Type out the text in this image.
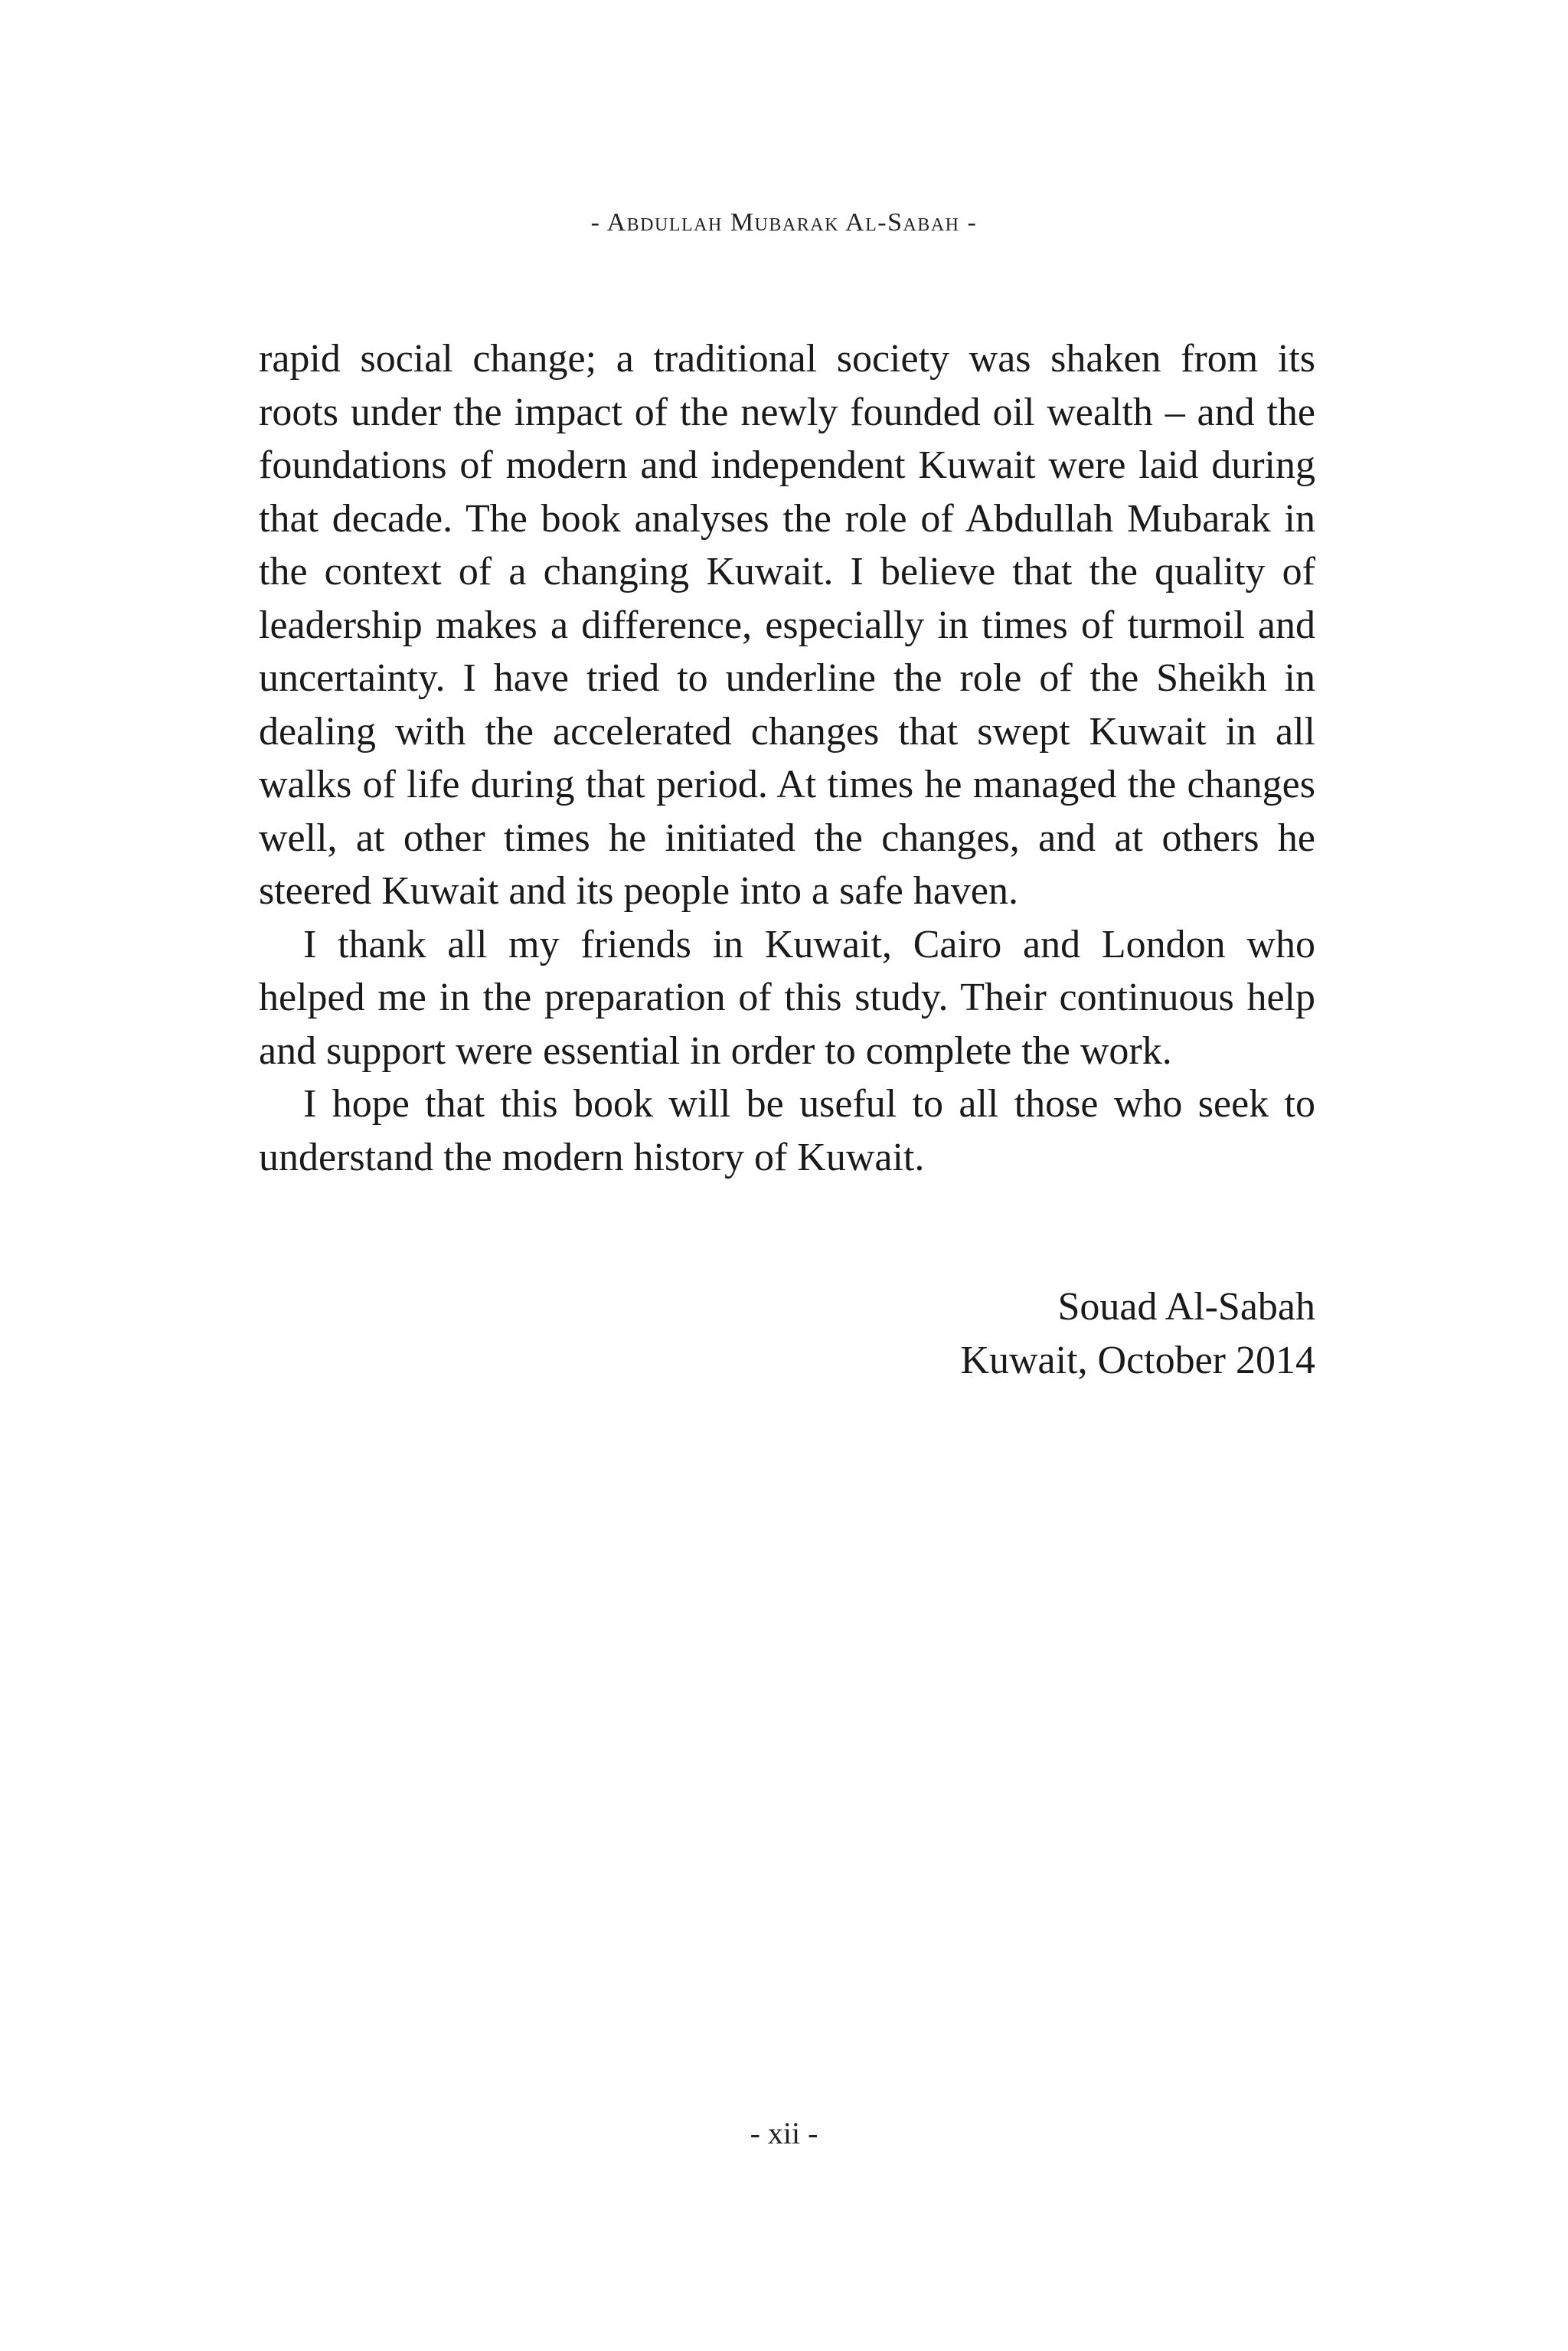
- Abdullah Mubarak Al-Sabah -

rapid social change; a traditional society was shaken from its roots under the impact of the newly founded oil wealth – and the foundations of modern and independent Kuwait were laid during that decade. The book analyses the role of Abdullah Mubarak in the context of a changing Kuwait. I believe that the quality of leadership makes a difference, especially in times of turmoil and uncertainty. I have tried to underline the role of the Sheikh in dealing with the accelerated changes that swept Kuwait in all walks of life during that period. At times he managed the changes well, at other times he initiated the changes, and at others he steered Kuwait and its people into a safe haven.

I thank all my friends in Kuwait, Cairo and London who helped me in the preparation of this study. Their continuous help and support were essential in order to complete the work.

I hope that this book will be useful to all those who seek to understand the modern history of Kuwait.

Souad Al-Sabah
Kuwait, October 2014
- xii -
